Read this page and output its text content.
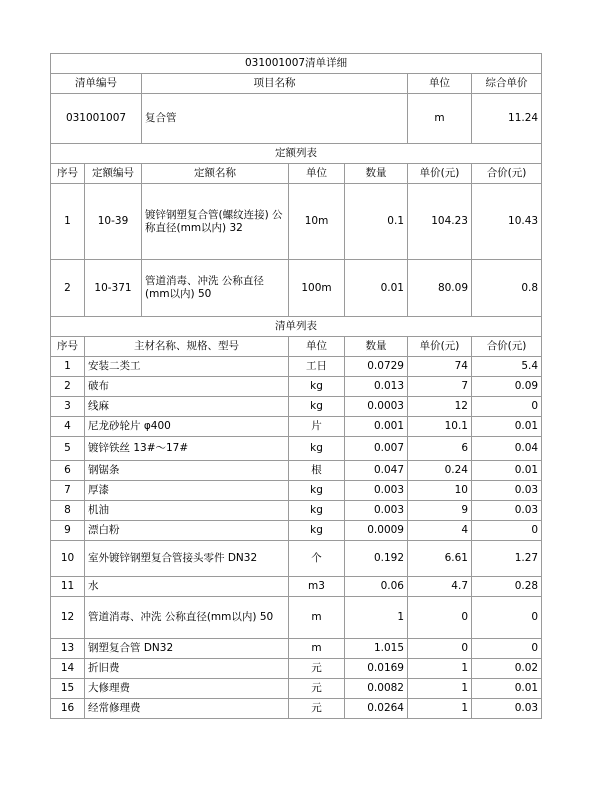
031001007清单详细						
清单编号		项目名称			单位	综合单价
031001007		复合管			m	11.24
定额列表						
序号	定额编号	定额名称	单位	数量	单价(元)	合价(元)
1	10-39	镀锌钢塑复合管(螺纹连接) 公称直径(mm以内) 32	10m	0.1	104.23	10.43
2	10-371	管道消毒、冲洗 公称直径(mm以内) 50	100m	0.01	80.09	0.8
清单列表						
序号	主材名称、规格、型号		单位	数量	单价(元)	合价(元)
1	安装二类工		工日	0.0729	74	5.4
2	破布		kg	0.013	7	0.09
3	线麻		kg	0.0003	12	0
4	尼龙砂轮片 φ400		片	0.001	10.1	0.01
5	镀锌铁丝 13#～17#		kg	0.007	6	0.04
6	钢锯条		根	0.047	0.24	0.01
7	厚漆		kg	0.003	10	0.03
8	机油		kg	0.003	9	0.03
9	漂白粉		kg	0.0009	4	0
10	室外镀锌钢塑复合管接头零件 DN32		个	0.192	6.61	1.27
11	水		m3	0.06	4.7	0.28
12	管道消毒、冲洗 公称直径(mm以内) 50		m	1	0	0
13	钢塑复合管 DN32		m	1.015	0	0
14	折旧费		元	0.0169	1	0.02
15	大修理费		元	0.0082	1	0.01
16	经常修理费		元	0.0264	1	0.03
